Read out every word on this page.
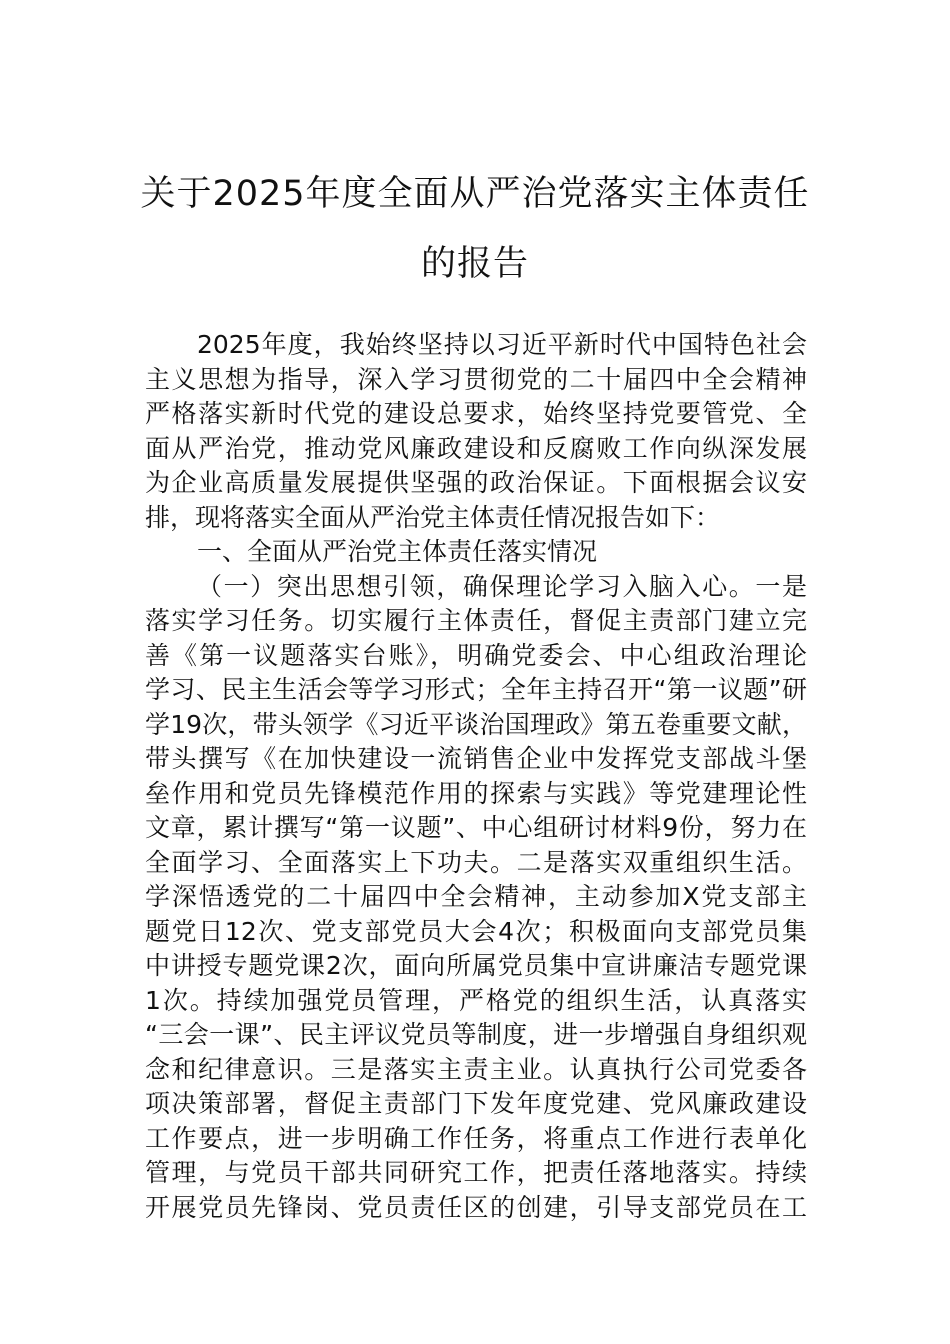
关于2025年度全面从严治党落实主体责任
的报告
2025年度，我始终坚持以习近平新时代中国特色社会
主义思想为指导，深入学习贯彻党的二十届四中全会精神
严格落实新时代党的建设总要求，始终坚持党要管党、全
面从严治党，推动党风廉政建设和反腐败工作向纵深发展
为企业高质量发展提供坚强的政治保证。下面根据会议安
排，现将落实全面从严治党主体责任情况报告如下：
一、全面从严治党主体责任落实情况
（一）突出思想引领，确保理论学习入脑入心。一是
落实学习任务。切实履行主体责任，督促主责部门建立完
善《第一议题落实台账》，明确党委会、中心组政治理论
学习、民主生活会等学习形式；全年主持召开“第一议题”研
学19次，带头领学《习近平谈治国理政》第五卷重要文献，
带头撰写《在加快建设一流销售企业中发挥党支部战斗堡
垒作用和党员先锋模范作用的探索与实践》等党建理论性
文章，累计撰写“第一议题”、中心组研讨材料9份，努力在
全面学习、全面落实上下功夫。二是落实双重组织生活。
学深悟透党的二十届四中全会精神，主动参加X党支部主
题党日12次、党支部党员大会4次；积极面向支部党员集
中讲授专题党课2次，面向所属党员集中宣讲廉洁专题党课
1次。持续加强党员管理，严格党的组织生活，认真落实
“三会一课”、民主评议党员等制度，进一步增强自身组织观
念和纪律意识。三是落实主责主业。认真执行公司党委各
项决策部署，督促主责部门下发年度党建、党风廉政建设
工作要点，进一步明确工作任务，将重点工作进行表单化
管理，与党员干部共同研究工作，把责任落地落实。持续
开展党员先锋岗、党员责任区的创建，引导支部党员在工
